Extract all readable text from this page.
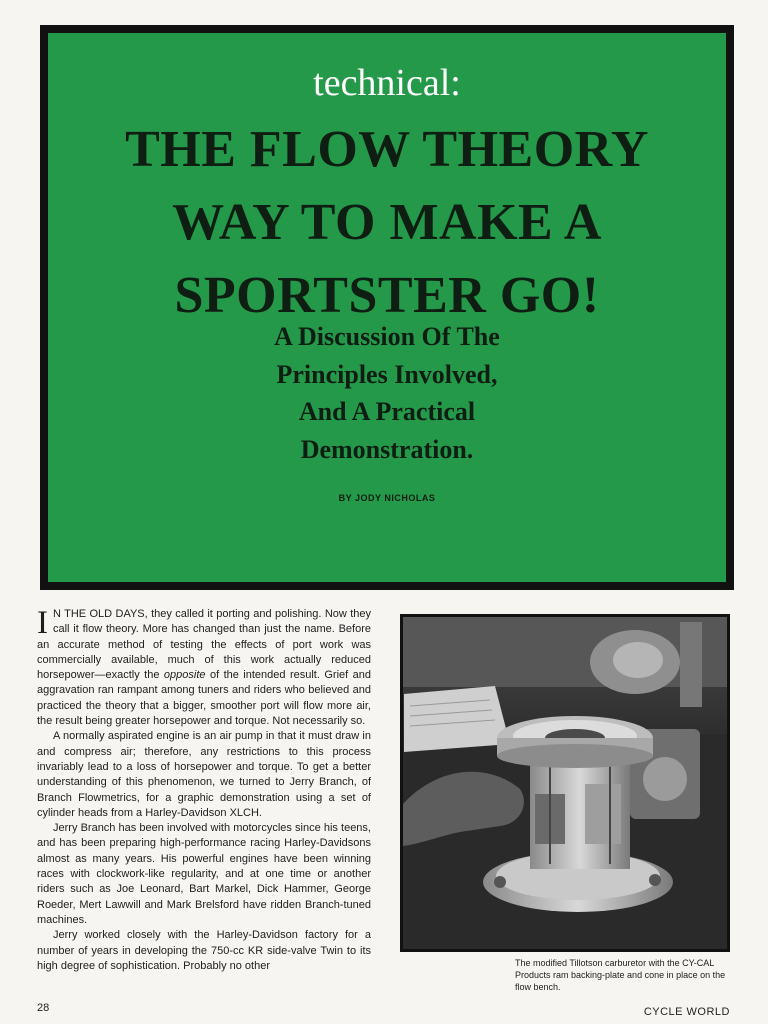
technical:
THE FLOW THEORY
WAY TO MAKE A
SPORTSTER GO!
A Discussion Of The
Principles Involved,
And A Practical
Demonstration.
BY JODY NICHOLAS

I N THE OLD DAYS, they called it porting and polishing. Now they call it flow theory. More has changed than just the name. Before an accurate method of testing the effects of port work was commercially available, much of this work actually reduced horsepower—exactly the opposite of the intended result. Grief and aggravation ran rampant among tuners and riders who believed and practiced the theory that a bigger, smoother port will flow more air, the result being greater horsepower and torque. Not necessarily so.

A normally aspirated engine is an air pump in that it must draw in and compress air; therefore, any restrictions to this process invariably lead to a loss of horsepower and torque. To get a better understanding of this phenomenon, we turned to Jerry Branch, of Branch Flowmetrics, for a graphic demonstration using a set of cylinder heads from a Harley-Davidson XLCH.

Jerry Branch has been involved with motorcycles since his teens, and has been preparing high-performance racing Harley-Davidsons almost as many years. His powerful engines have been winning races with clockwork-like regularity, and at one time or another riders such as Joe Leonard, Bart Markel, Dick Hammer, George Roeder, Mert Lawwill and Mark Brelsford have ridden Branch-tuned machines.

Jerry worked closely with the Harley-Davidson factory for a number of years in developing the 750-cc KR side-valve Twin to its high degree of sophistication. Probably no other	The modified Tillotson carburetor with the CY-CAL Products ram backing-plate and cone in place on the flow bench.
28	CYCLE WORLD
